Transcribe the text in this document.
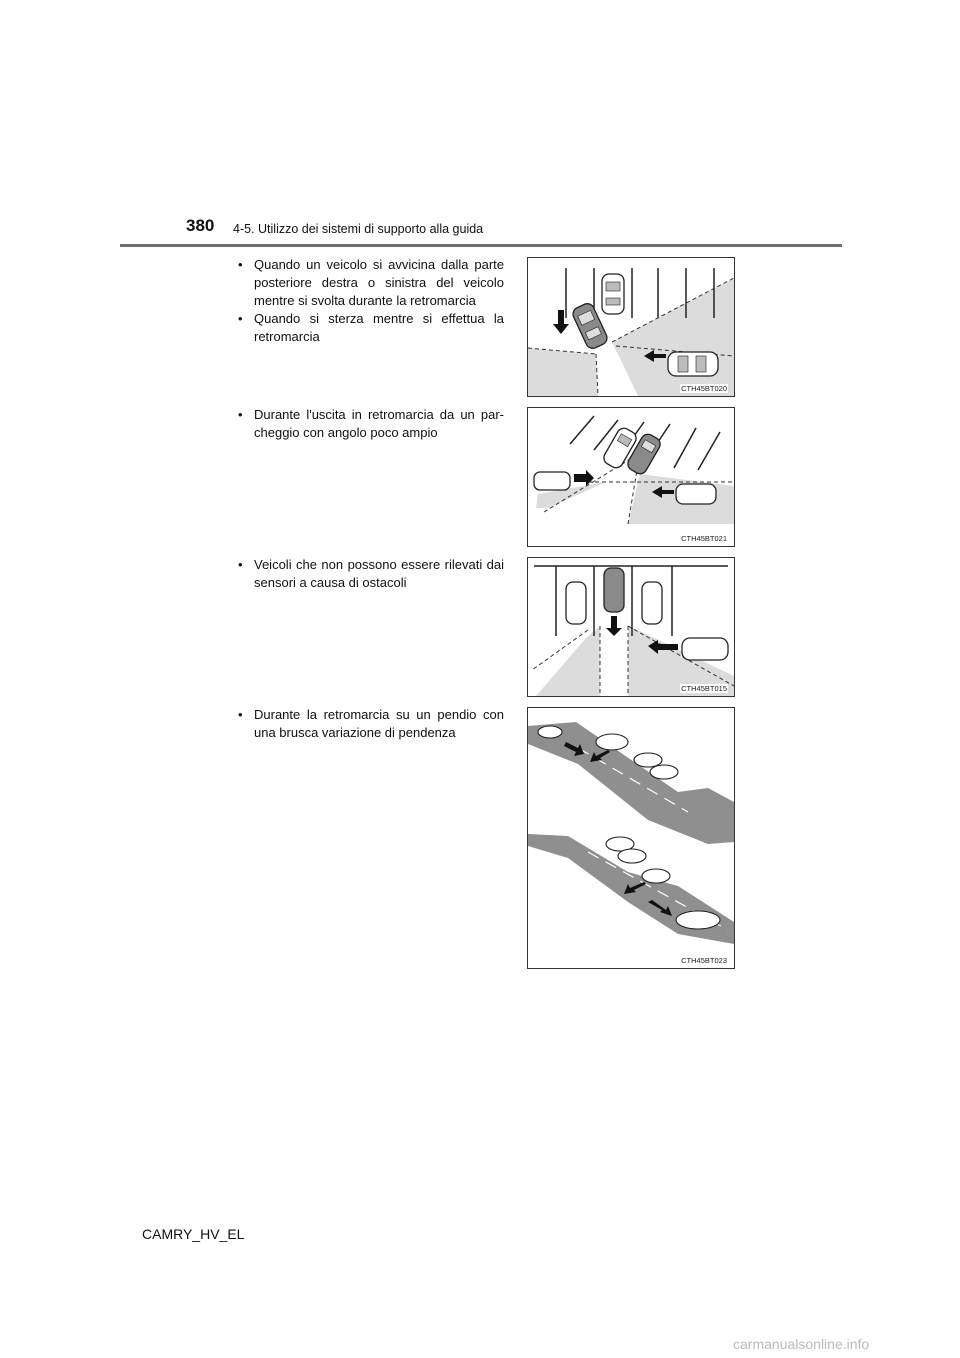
380 4-5. Utilizzo dei sistemi di supporto alla guida
• Quando un veicolo si avvicina dalla parte posteriore destra o sinistra del veicolo mentre si svolta durante la retromarcia
• Quando si sterza mentre si effettua la retromarcia
CTH45BT020
• Durante l'uscita in retromarcia da un par- cheggio con angolo poco ampio
CTH45BT021
• Veicoli che non possono essere rilevati dai sensori a causa di ostacoli
CTH45BT015
• Durante la retromarcia su un pendio con una brusca variazione di pendenza
CTH45BT023
CAMRY_HV_EL
carmanualsonline.info
